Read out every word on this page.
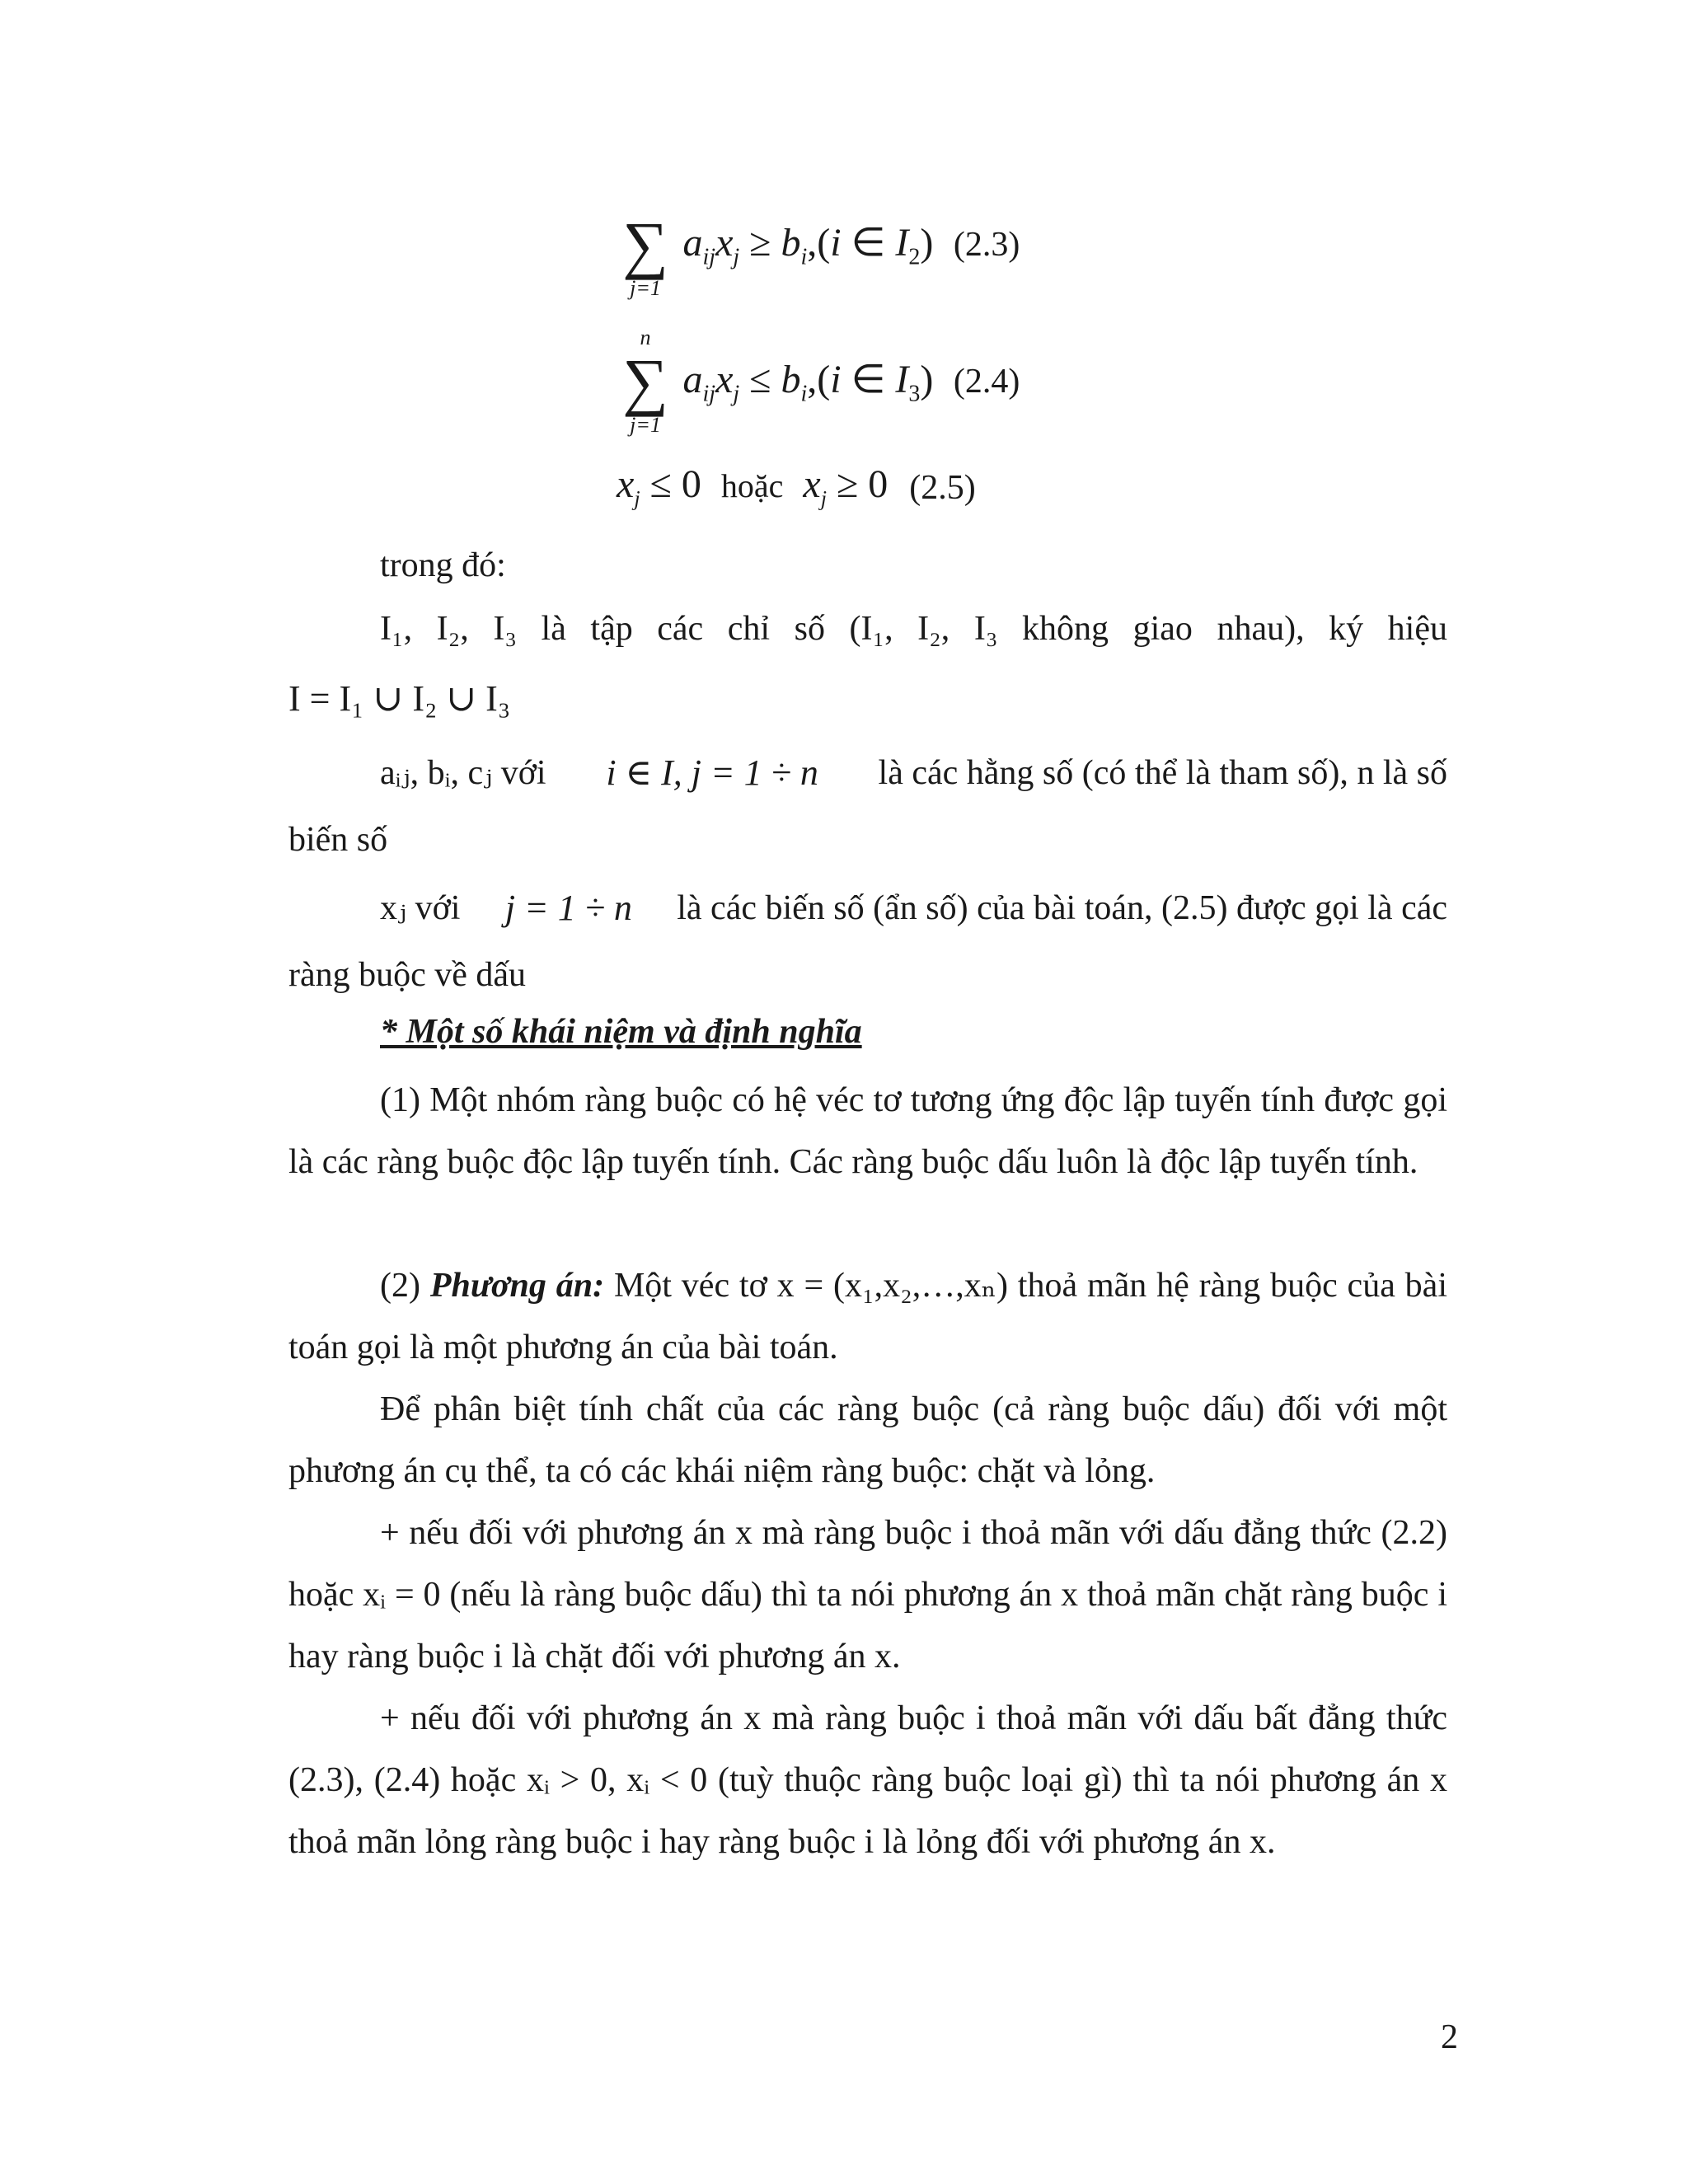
∑
j=1
$a_{ij}x_j \ge b_i,(i$ ∈ $I_2$) (2.3)
n
∑
j=1
$a_{ij}x_j \le b_i,(i$ ∈ $I_3$) (2.4)
$x_j \le 0$ hoặc $x_j \ge 0$ (2.5)
trong đó:
I₁, I₂, I₃ là tập các chỉ số (I₁, I₂, I₃ không giao nhau), ký hiệu
I = I₁ ∪ I₂ ∪ I₃
aᵢⱼ, bᵢ, cⱼ với i ∈ I, j = 1 ÷ n là các hằng số (có thể là tham số), n là số
biến số
xⱼ với j = 1 ÷ n là các biến số (ẩn số) của bài toán, (2.5) được gọi là các
ràng buộc về dấu
* Một số khái niệm và định nghĩa
(1) Một nhóm ràng buộc có hệ véc tơ tương ứng độc lập tuyến tính được gọi là các ràng buộc độc lập tuyến tính. Các ràng buộc dấu luôn là độc lập tuyến tính.
(2) Phương án: Một véc tơ x = (x₁,x₂,…,xₙ) thoả mãn hệ ràng buộc của bài toán gọi là một phương án của bài toán.
Để phân biệt tính chất của các ràng buộc (cả ràng buộc dấu) đối với một phương án cụ thể, ta có các khái niệm ràng buộc: chặt và lỏng.
+ nếu đối với phương án x mà ràng buộc i thoả mãn với dấu đẳng thức (2.2) hoặc xᵢ = 0 (nếu là ràng buộc dấu) thì ta nói phương án x thoả mãn chặt ràng buộc i hay ràng buộc i là chặt đối với phương án x.
+ nếu đối với phương án x mà ràng buộc i thoả mãn với dấu bất đẳng thức (2.3), (2.4) hoặc xᵢ > 0, xᵢ < 0 (tuỳ thuộc ràng buộc loại gì) thì ta nói phương án x thoả mãn lỏng ràng buộc i hay ràng buộc i là lỏng đối với phương án x.
2
